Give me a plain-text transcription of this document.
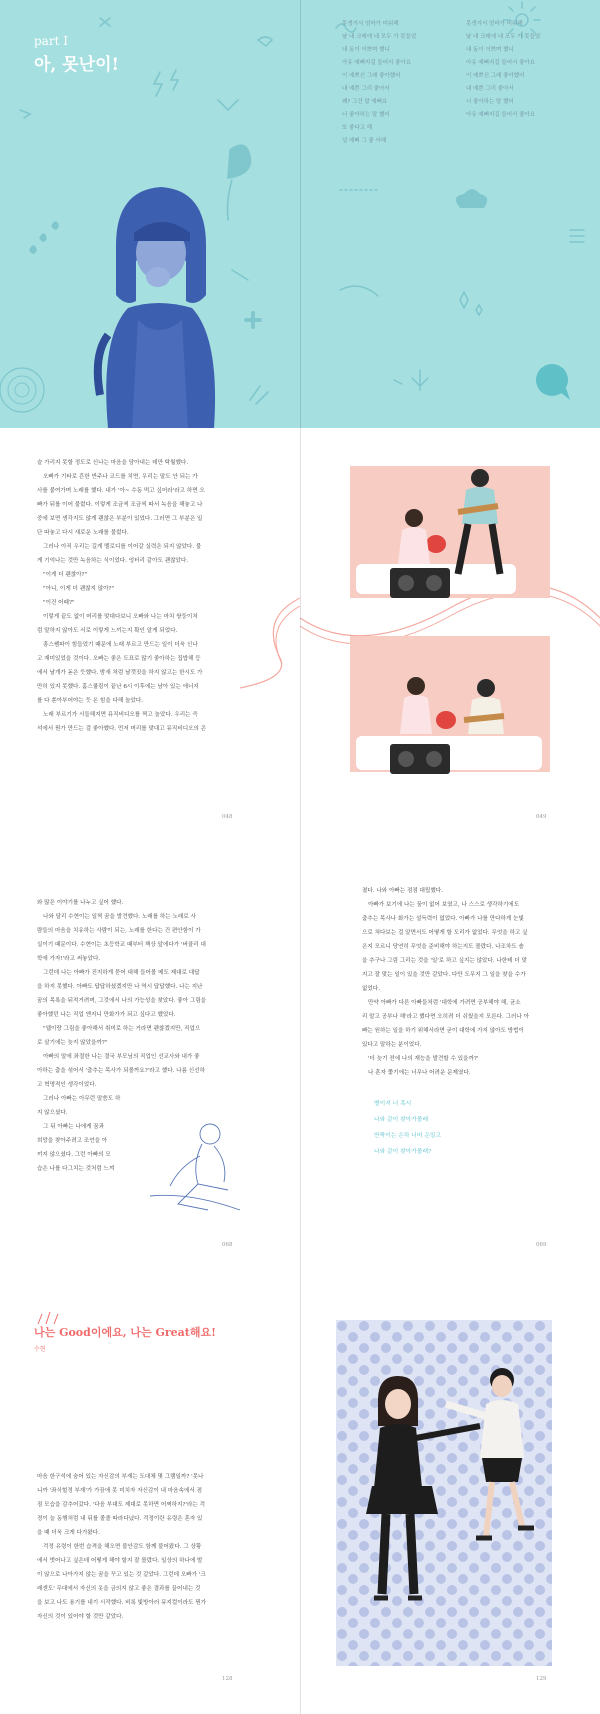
part I
아, 못난이!
못생겨서 엄마가 미워해
날 내 크레에 네 모두 가 못들었
내 동이 이쁘며 했니
아유 예뻐지길 들어서 좋아요
이 예쁘신 그래 좋아했어
내 예쁜 그리 좋아서
왜? 그건 말 예뻐요
너 좋아하는 말 했어
또 좋다고 해
널 예뻐 그 좋 아해
못생겨서 엄마가 미워해
날 내 크레에 네 모두 가 못들었
내 동이 이쁘며 했니
아유 예뻐지길 들어서 좋아요
이 예쁘신 그래 좋아했어
내 예쁜 그리 좋아서
너 좋아하는 말 했어
아유 예뻐지길 들어서 좋아요

슬 가리지 못할 정도로 신나는 마음을 담아내는 데만 탁월했다.

오빠가 기타로 흔한 반주나 코드를 치면, 우리는 말도 안 되는 가

사를 붙여가며 노래를 했다. 내가 '아~ 수동 먹고 싶어라'라고 하면 오

빠가 뒤를 이어 불렀다. 이렇게 조금씩 조금씩 따서 녹음을 해놓고 나

중에 보면 생각지도 않게 괜찮은 부분이 있었다. 그러면 그 부분은 일

단 따놓고 다시 새로운 노래를 불렀다.

그러나 아직 우리는 길게 멜로디를 이어갈 실력은 되지 않았다. 불

게 기억나는 것만 녹음하는 식이었다. 엉터리 같아도 괜찮았다.

"이게 더 괜찮아?"

"아니, 이게 더 괜찮지 않아?"

"이건 어때?"

이렇게 끝도 없이 머리를 맞대다보니 오빠와 나는 마치 쌍둥이처

럼 말하지 않아도 서로 이렇게 느끼는지 확인 알게 되었다.

흥스쌤파이 힘들었기 때문에 노래 부르고 만드는 일이 더욱 신나

고 재미있었을 것이다. 오빠는 좋은 도표로 많기 좋아하는 집밥해 등

에서 날개가 돋은 듯했다. 밤새 처럼 날갯짓을 하지 않고는 한시도 가

만히 있지 못했다. 홈스쿨링이 끝난 6시 이후에는 남아 있는 에너지

를 다 쏟아부어야는 듯 온 힘을 다해 놀았다.

노래 부르기가 시들해지면 뮤직비디오를 찍고 놀았다. 우리는 즉

석에서 뭔가 만드는 걸 좋아했다. 먼저 머리를 맞대고 뮤직비디오의 콘

048	049

와 많은 이야기를 나누고 싶어 했다.

나와 달리 수현이는 일찍 꿈을 발견했다. 노래를 하는 노래로 사

람들의 마음을 치유하는 사람이 되는, 노래를 한다는 건 편안함이 가

실이기 때문이다. 수현이는 초등학교 때부터 책상 앞에다가 '버클리 대

학에 가자!'라고 써놓았다.

그런데 나는 아빠가 진지하게 묻어 대해 들어볼 메도 제대로 대답

을 하지 못했다. 아빠도 답답하셨겠지만 나 역시 답답했다. 나는 지난

꿈의 목록을 뒤적거려며, 그것에서 나의 가능성을 찾았다. 좋아 그림을

좋아했던 나는 직업 앤지니 만화가가 되고 싶다고 했었다.

"웹이랑 그림을 좋아해서 취미로 하는 거라면 괜찮겠지만, 직업으

로 살기에는 늦지 않았을까?"

아빠의 말에 좌절한 나는 결국 부모님의 직업인 선교사와 내가 좋

아하는 춤을 섞어서 '춤추는 목사가 되볼까요?'라고 했다. 나름 신선하

고 혁명적인 생각이었다.

그러나 아빠는 아무런 말씀도 하

지 않으셨다.

그 뒤 아빠는 나에게 꿈과

희망을 찾아주려고 조언을 아

끼지 않으셨다. 그런 아빠의 모

습은 나를 다그치는 것처럼 느껴

068

졌다. 나와 아빠는 점점 대립했다.

아빠가 보기에 나는 꿈이 없어 보였고, 나 스스로 생각하기에도

춤추는 목사나 화가는 설득력이 없었다. 아빠가 나를 만다하게 눈빛

으로 쳐다보는 걸 알면서도 어떻게 할 도리가 없었다. 무엇을 하고 싶

은지 모르니 당연히 무엇을 준비해야 하는지도 몰랐다. 나조차도 솔

을 추구나 그림 그리는 것을 '일'로 하고 싶지는 않았다. 나한테 더 맞

지고 잘 맞는 일이 있을 것만 같았다. 다만 도무지 그 일을 찾을 수가

없었다.

만약 아빠가 다른 아빠들처럼 '대학에 가려면 공부해야 해, 균소

리 말고 공부나 해'라고 했다면 오히려 더 쉬웠을지 모른다. 그러나 아

빠는 원하는 일을 하기 위해서라면 굳이 대학에 가지 않아도 방법이

있다고 말하는 분이었다.

'더 늦기 전에 나의 재능을 발견할 수 있을까?'

나 혼자 쫓기에는 너무나 어려운 문제였다.

별이지 너 혹시
나와 같이 찾아가볼래
반짝이는 은하 너머 은밀고
나와 같이 찾아가볼래?
069
나는 Good이에요, 나는 Great해요!
수현

마음 한구석에 숨어 있는 자신감의 부재는 도대체 몇 그램일까? '못나

니까 '좌식헐정 부재'가 가끔에 못 미치자 자신감이 내 마음속에서 점

점 모습을 감추어갔다. '다음 부대도 제대로 못하면 어쩌하지?'라는 걱

정이 늘 동행처럼 내 뒤를 졸졸 따라다녔다. 걱정이란 유령은 혼자 있

을 때 더욱 크게 다가왔다.

걱정 유령이 한번 습격을 해오면 불안감도 함께 불어왔다. 그 상황

에서 벗어나고 싶은데 어떻게 해야 할지 잘 몰랐다. 일상의 하나에 발

이 않으로 나아가지 않는 꿈을 꾸고 있는 것 같았다. 그런데 오빠가 '크

레센도' 무대에서 자신의 옷을 금의지 않고 좋은 결과를 끌어내는 것

을 보고 나도 용기를 내기 시작했다. 비록 빛방아러 뮤지컬이라도 뭔가

자신의 것이 있어야 할 것만 같았다.

128	129
